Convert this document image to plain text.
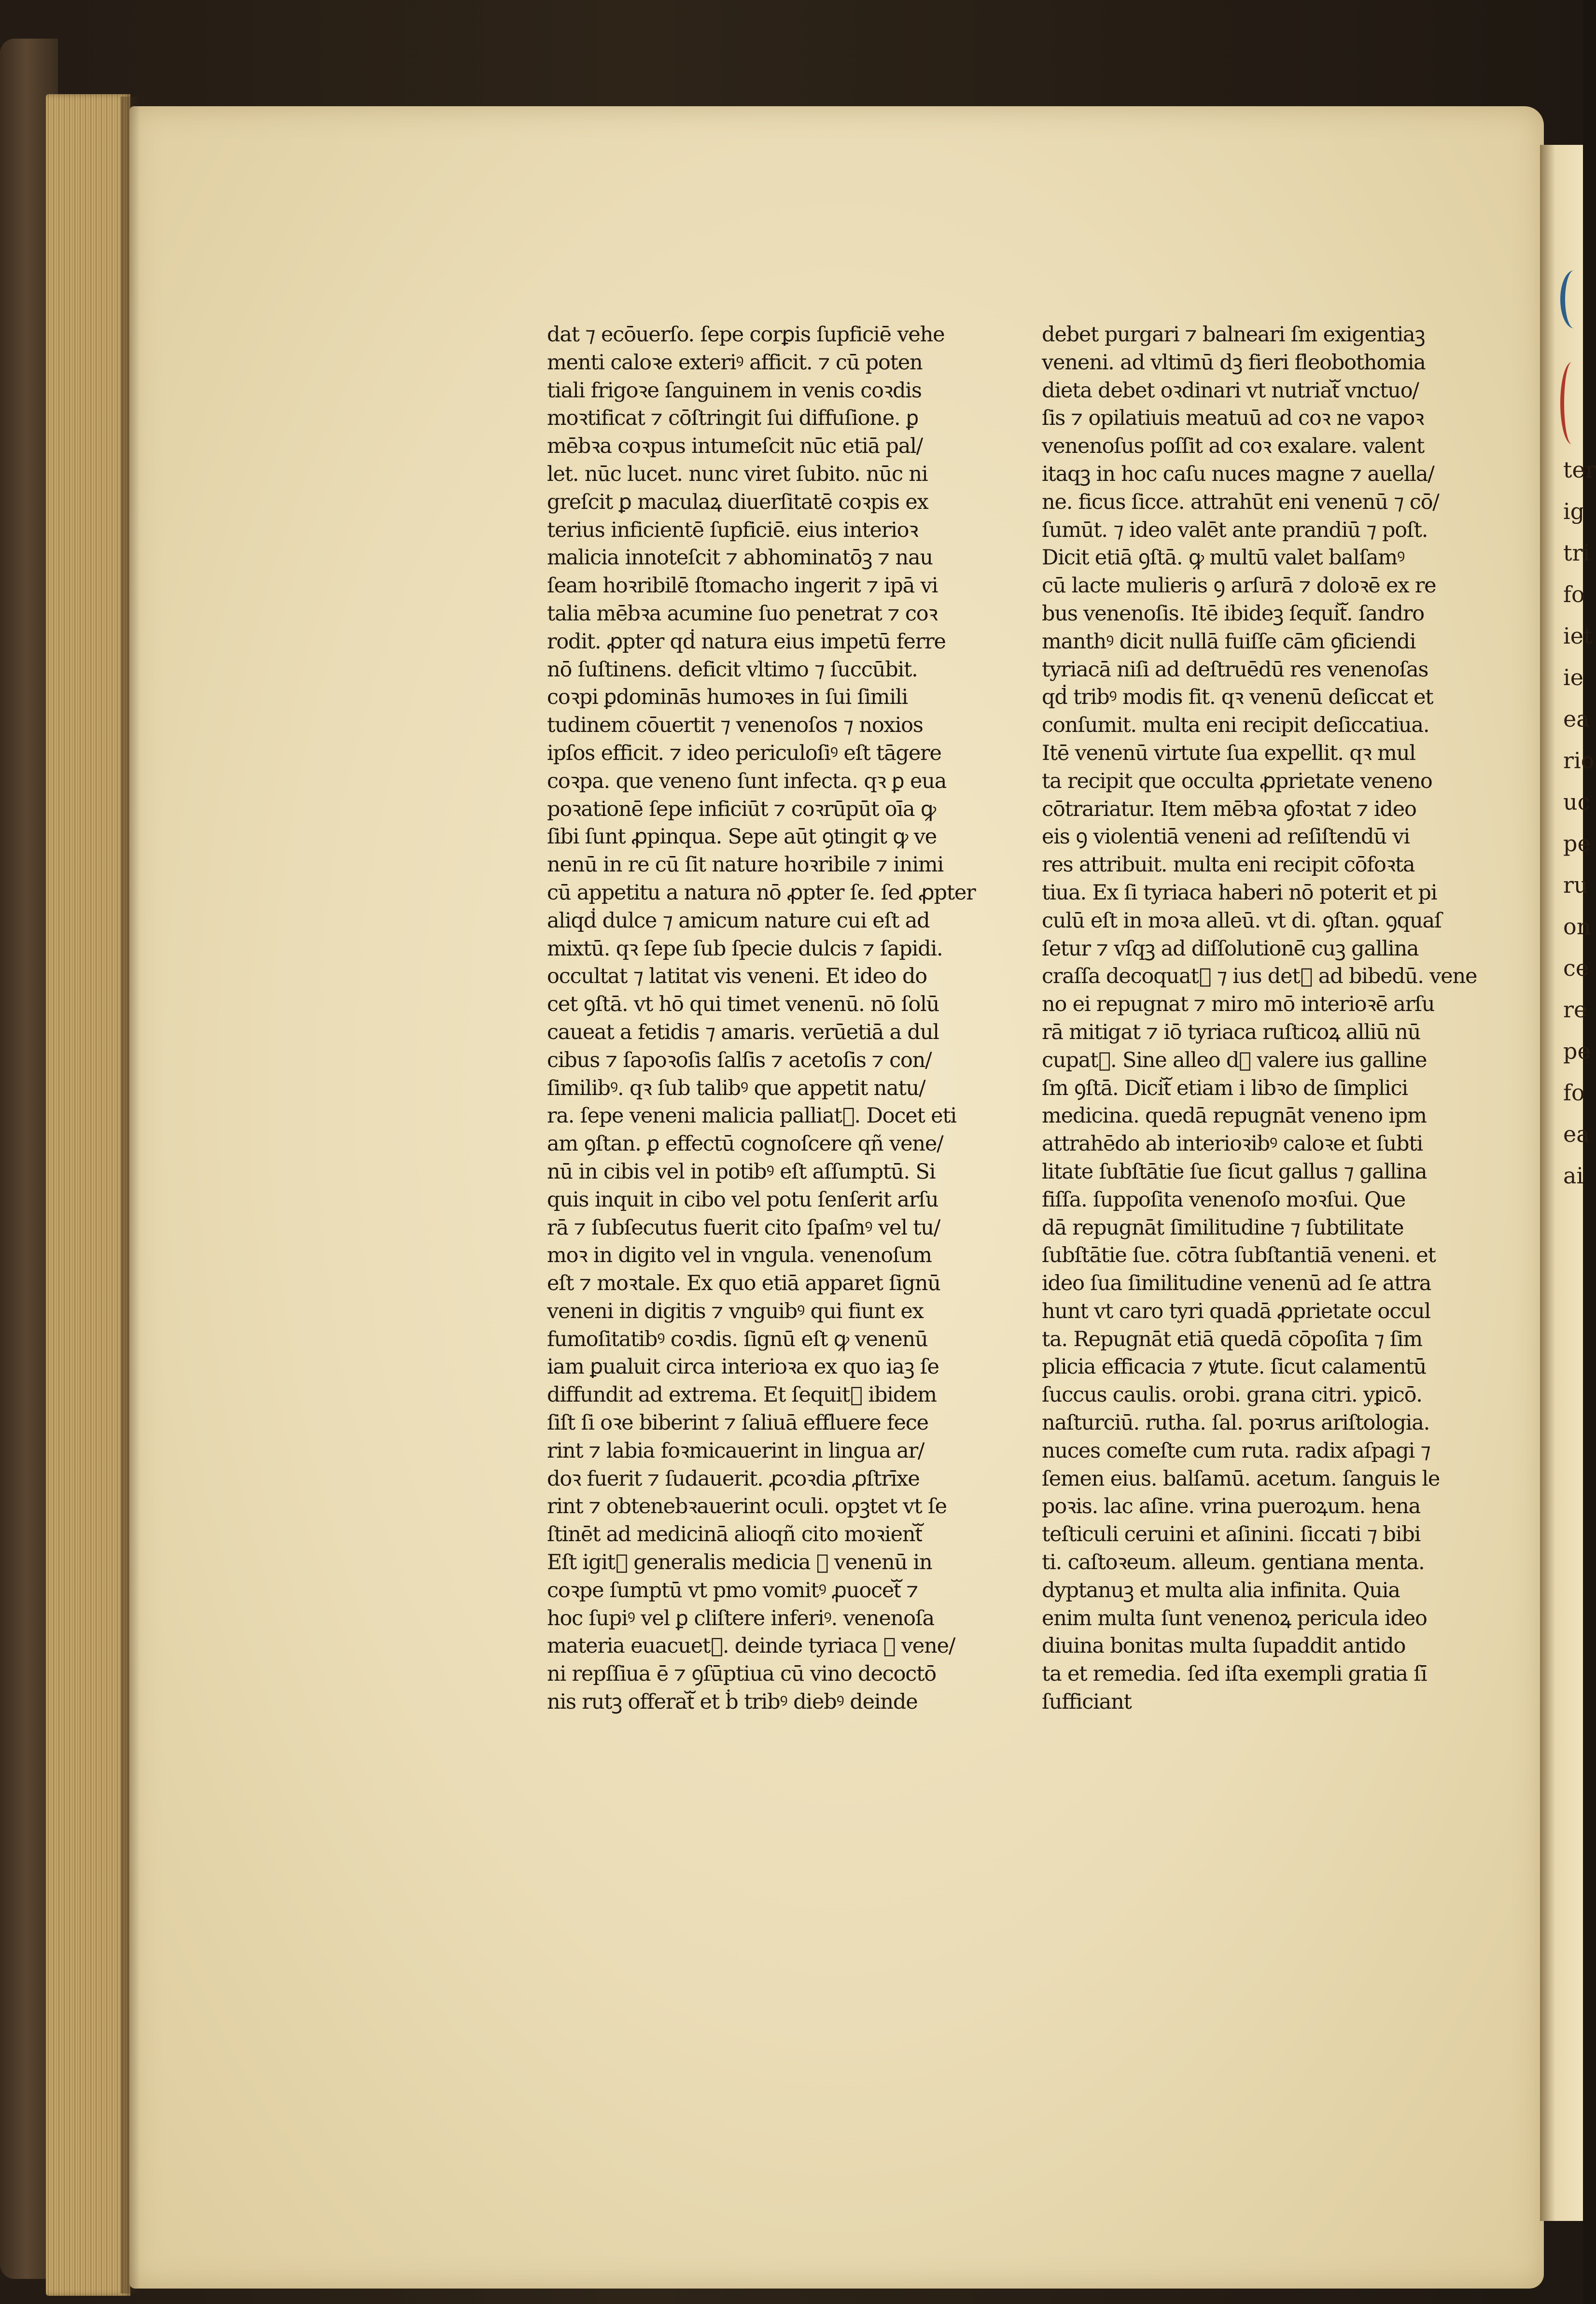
dat ⁊ ecōuerſo. ſepe corꝑis ſupficiē vehe
menti caloꝛe exteriꝰ afficit. ⁊ cū poten
tiali frigoꝛe ſanguinem in venis coꝛdis
moꝛtificat ⁊ cōſtringit ſui diffuſione. ꝑ
mēbꝛa coꝛpus intumeſcit nūc etiā pal/
let. nūc lucet. nunc viret ſubito. nūc ni
greſcit ꝑ maculaꝝ diuerſitatē coꝛpis ex
terius inficientē ſupficiē. eius interioꝛ
malicia innoteſcit ⁊ abhominatōꝫ ⁊ nau
ſeam hoꝛribilē ſtomacho ingerit ⁊ ipā vi
talia mēbꝛa acumine ſuo penetrat ⁊ coꝛ
rodit. ꝓpter qḋ natura eius impetū ferre
nō ſuſtinens. deficit vltimo ⁊ ſuccūbit.
coꝛpi ꝑdominās humoꝛes in ſui ſimili
tudinem cōuertit ⁊ venenoſos ⁊ noxios
ipſos efficit. ⁊ ideo periculoſiꝰ eſt tāgere
coꝛpa. que veneno ſunt infecta. qꝛ ꝑ eua
poꝛationē ſepe inficiūt ⁊ coꝛrūpūt oīa ꝙ
ſibi ſunt ꝓpinqua. Sepe aūt ꝯtingit ꝙ ve
nenū in re cū ſit nature hoꝛribile ⁊ inimi
cū appetitu a natura nō ꝓpter ſe. ſed ꝓpter
aliqḋ dulce ⁊ amicum nature cui eſt ad
mixtū. qꝛ ſepe ſub ſpecie dulcis ⁊ ſapidi.
occultat ⁊ latitat vis veneni. Et ideo do
cet ꝯſtā. vt hō qui timet venenū. nō ſolū
caueat a fetidis ⁊ amaris. verūetiā a dul
cibus ⁊ ſapoꝛoſis ſalſis ⁊ acetoſis ⁊ con/
ſimilibꝰ. qꝛ ſub talibꝰ que appetit natu/
ra. ſepe veneni malicia palliatᷓ. Docet eti
am ꝯſtan. ꝑ effectū cognoſcere qñ vene/
nū in cibis vel in potibꝰ eſt aſſumptū. Si
quis inquit in cibo vel potu ſenſerit arſu
rā ⁊ ſubſecutus fuerit cito ſpaſmꝰ vel tu/
moꝛ in digito vel in vngula. venenoſum
eſt ⁊ moꝛtale. Ex quo etiā apparet ſignū
veneni in digitis ⁊ vnguibꝰ qui fiunt ex
fumoſitatibꝰ coꝛdis. ſignū eſt ꝙ venenū
iam ꝑualuit circa interioꝛa ex quo iaꝫ ſe
diffundit ad extrema. Et ſequitᷓ ibidem
ſiſt ſi oꝛe biberint ⁊ ſaliuā effluere fece
rint ⁊ labia foꝛmicauerint in lingua ar/
doꝛ fuerit ⁊ ſudauerit. ꝓcoꝛdia ꝓſtrīxe
rint ⁊ obtenebꝛauerint oculi. opꝫtet vt ſe
ſtinēt ad medicinā alioqñ cito moꝛientᷓ
Eſt igitᷓ generalis medicia ꝯ venenū in
coꝛpe ſumptū vt pmo vomitꝰ ꝓuocetᷓ ⁊
hoc ſupiꝰ vel ꝑ cliſtere inferiꝰ. venenoſa
materia euacuetᷓ. deinde tyriaca ꝙ vene/
ni repſſiua ē ⁊ ꝯſūptiua cū vino decoctō
nis rutꝫ offeratᷓ et ḃ tribꝰ diebꝰ deinde
debet purgari ⁊ balneari ſm exigentiaꝫ
veneni. ad vltimū dꝫ fieri fleobothomia
dieta debet oꝛdinari vt nutriatᷓ vnctuo/
ſis ⁊ opilatiuis meatuū ad coꝛ ne vapoꝛ
venenoſus poſſit ad coꝛ exalare. valent
itaqꝫ in hoc caſu nuces magne ⁊ auella/
ne. ficus ſicce. attrahūt eni venenū ⁊ cō/
ſumūt. ⁊ ideo valēt ante prandiū ⁊ poſt.
Dicit etiā ꝯſtā. ꝙ multū valet balſamꝰ
cū lacte mulieris ꝯ arſurā ⁊ doloꝛē ex re
bus venenoſis. Itē ibideꝫ ſequitᷓ. ſandro
manthꝰ dicit nullā fuiſſe cām ꝯficiendi
tyriacā niſi ad deſtruēdū res venenoſas
qḋ tribꝰ modis fit. qꝛ venenū deſiccat et
conſumit. multa eni recipit deſiccatiua.
Itē venenū virtute ſua expellit. qꝛ mul
ta recipit que occulta ꝓprietate veneno
cōtrariatur. Item mēbꝛa ꝯfoꝛtat ⁊ ideo
eis ꝯ violentiā veneni ad reſiſtendū vi
res attribuit. multa eni recipit cōfoꝛta
tiua. Ex ſi tyriaca haberi nō poterit et pi
culū eſt in moꝛa alleū. vt di. ꝯſtan. ꝯquaſ
ſetur ⁊ vſqꝫ ad diſſolutionē cuꝫ gallina
craſſa decoquatᷓ ⁊ ius detᷓ ad bibedū. vene
no ei repugnat ⁊ miro mō interioꝛē arſu
rā mitigat ⁊ iō tyriaca ruſticoꝝ alliū nū
cupatᷓ. Sine alleo dꝫ valere ius galline
ſm ꝯſtā. Dicitᷓ etiam i libꝛo de ſimplici
medicina. quedā repugnāt veneno ipm
attrahēdo ab interioꝛibꝰ caloꝛe et ſubti
litate ſubſtātie ſue ſicut gallus ⁊ gallina
fiſſa. ſuppoſita venenoſo moꝛſui. Que
dā repugnāt ſimilitudine ⁊ ſubtilitate
ſubſtātie ſue. cōtra ſubſtantiā veneni. et
ideo ſua ſimilitudine venenū ad ſe attra
hunt vt caro tyri quadā ꝓprietate occul
ta. Repugnāt etiā quedā cōpoſita ⁊ ſim
plicia efficacia ⁊ ꝟtute. ſicut calamentū
ſuccus caulis. orobi. grana citri. yꝑicō.
naſturciū. rutha. ſal. poꝛrus ariſtologia.
nuces comeſte cum ruta. radix aſpagi ⁊
ſemen eius. balſamū. acetum. ſanguis le
poꝛis. lac aſine. vrina pueroꝝum. hena
teſticuli ceruini et aſinini. ſiccati ⁊ bibi
ti. caſtoꝛeum. alleum. gentiana menta.
dyptanuꝫ et multa alia infinita. Quia
enim multa ſunt venenoꝝ pericula ideo
diuina bonitas multa ſupaddit antido
ta et remedia. ſed iſta exempli gratia ſī
ſufficiant
ter
ig
tri
fo
iet
ie
ea
rio
uc
pe
ru
on
ce
re
pe
fo
ea
ai
